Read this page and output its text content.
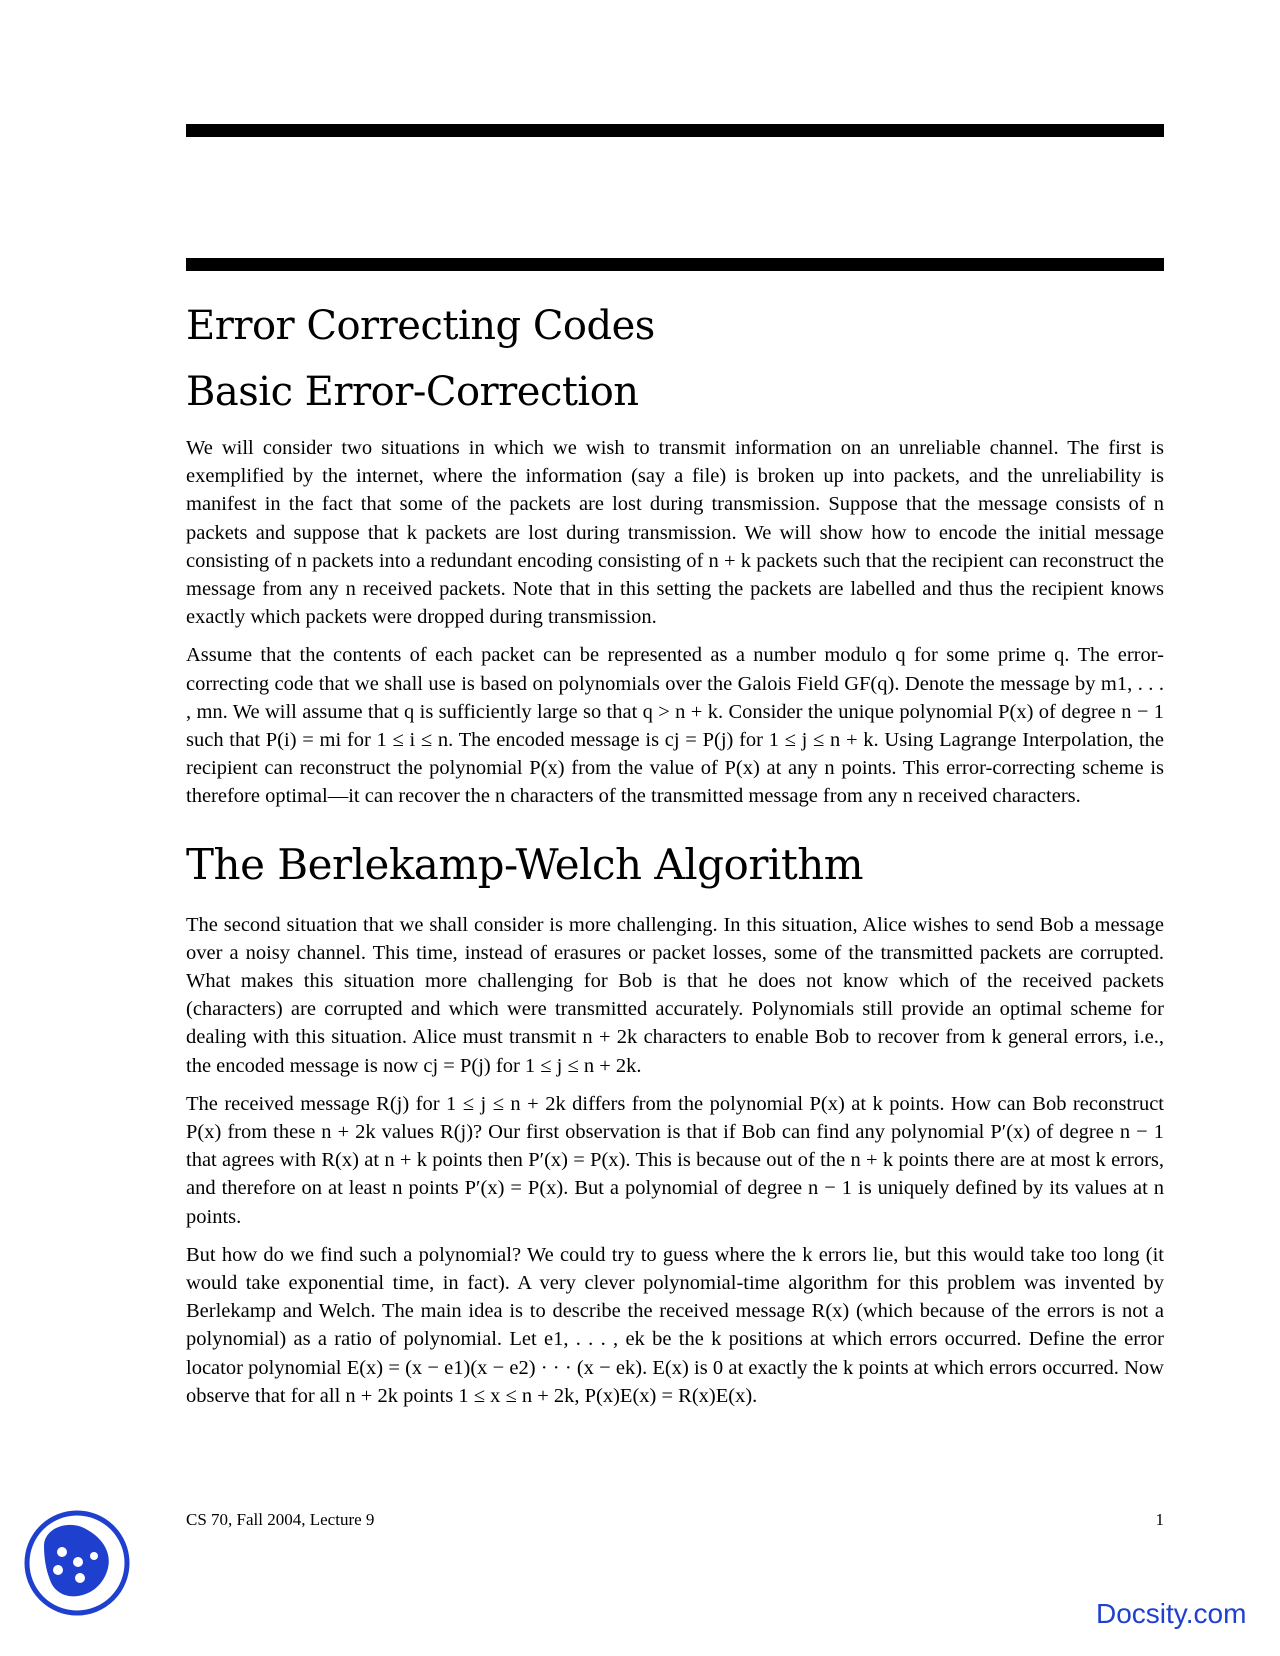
Error Correcting Codes
Basic Error-Correction

We will consider two situations in which we wish to transmit information on an unreliable channel. The first is exemplified by the internet, where the information (say a file) is broken up into packets, and the unreliability is manifest in the fact that some of the packets are lost during transmission. Suppose that the message consists of n packets and suppose that k packets are lost during transmission. We will show how to encode the initial message consisting of n packets into a redundant encoding consisting of n + k packets such that the recipient can reconstruct the message from any n received packets. Note that in this setting the packets are labelled and thus the recipient knows exactly which packets were dropped during transmission.

Assume that the contents of each packet can be represented as a number modulo q for some prime q. The error-correcting code that we shall use is based on polynomials over the Galois Field GF(q). Denote the message by m1, . . . , mn. We will assume that q is sufficiently large so that q > n + k. Consider the unique polynomial P(x) of degree n − 1 such that P(i) = mi for 1 ≤ i ≤ n. The encoded message is cj = P(j) for 1 ≤ j ≤ n + k. Using Lagrange Interpolation, the recipient can reconstruct the polynomial P(x) from the value of P(x) at any n points. This error-correcting scheme is therefore optimal—it can recover the n characters of the transmitted message from any n received characters.

The Berlekamp-Welch Algorithm

The second situation that we shall consider is more challenging. In this situation, Alice wishes to send Bob a message over a noisy channel. This time, instead of erasures or packet losses, some of the transmitted packets are corrupted. What makes this situation more challenging for Bob is that he does not know which of the received packets (characters) are corrupted and which were transmitted accurately. Polynomials still provide an optimal scheme for dealing with this situation. Alice must transmit n + 2k characters to enable Bob to recover from k general errors, i.e., the encoded message is now cj = P(j) for 1 ≤ j ≤ n + 2k.

The received message R(j) for 1 ≤ j ≤ n + 2k differs from the polynomial P(x) at k points. How can Bob reconstruct P(x) from these n + 2k values R(j)? Our first observation is that if Bob can find any polynomial P′(x) of degree n − 1 that agrees with R(x) at n + k points then P′(x) = P(x). This is because out of the n + k points there are at most k errors, and therefore on at least n points P′(x) = P(x). But a polynomial of degree n − 1 is uniquely defined by its values at n points.

But how do we find such a polynomial? We could try to guess where the k errors lie, but this would take too long (it would take exponential time, in fact). A very clever polynomial-time algorithm for this problem was invented by Berlekamp and Welch. The main idea is to describe the received message R(x) (which because of the errors is not a polynomial) as a ratio of polynomial. Let e1, . . . , ek be the k positions at which errors occurred. Define the error locator polynomial E(x) = (x − e1)(x − e2) · · · (x − ek). E(x) is 0 at exactly the k points at which errors occurred. Now observe that for all n + 2k points 1 ≤ x ≤ n + 2k, P(x)E(x) = R(x)E(x).

CS 70, Fall 2004, Lecture 9	1
Docsity.com
